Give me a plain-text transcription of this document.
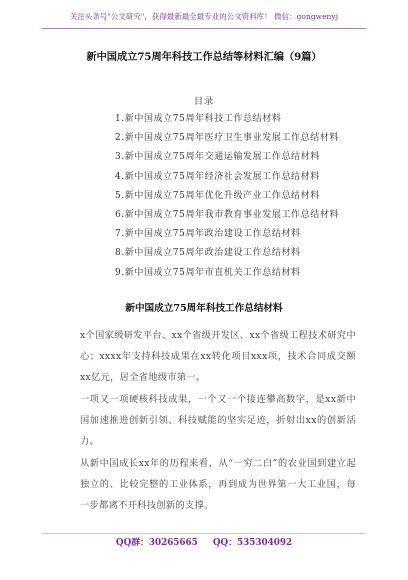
关注头条号"公文研究"，获得最新最全最专业的公文资料库！ 微信：gongwenyj
新中国成立75周年科技工作总结等材料汇编（9篇）
目录
1.新中国成立75周年科技工作总结材料
2.新中国成立75周年医疗卫生事业发展工作总结材料
3.新中国成立75周年交通运输发展工作总结材料
4.新中国成立75周年经济社会发展工作总结材料
5.新中国成立75周年优化升级产业工作总结材料
6.新中国成立75周年我市教育事业发展工作总结材料
7.新中国成立75周年政治建设工作总结材料
8.新中国成立75周年政治建设工作总结材料
9.新中国成立75周年市直机关工作总结材料
新中国成立75周年科技工作总结材料

x个国家级研发平台、xx个省级开发区、xx个省级工程技术研究中心；xxxx年支持科技成果在xx转化项目xxx项，技术合同成交额xx亿元，居全省地级市第一。

一项又一项硬核科技成果，一个又一个接连攀高数字，是xx新中国加速推进创新引领、科技赋能的坚实足迹，折射出xx的创新活力。

从新中国成长xx年的历程来看，从“一穷二白”的农业国到建立起独立的、比较完整的工业体系，再到成为世界第一大工业国，每一步都离不开科技创新的支撑。

QQ群：30265665 QQ：535304092
